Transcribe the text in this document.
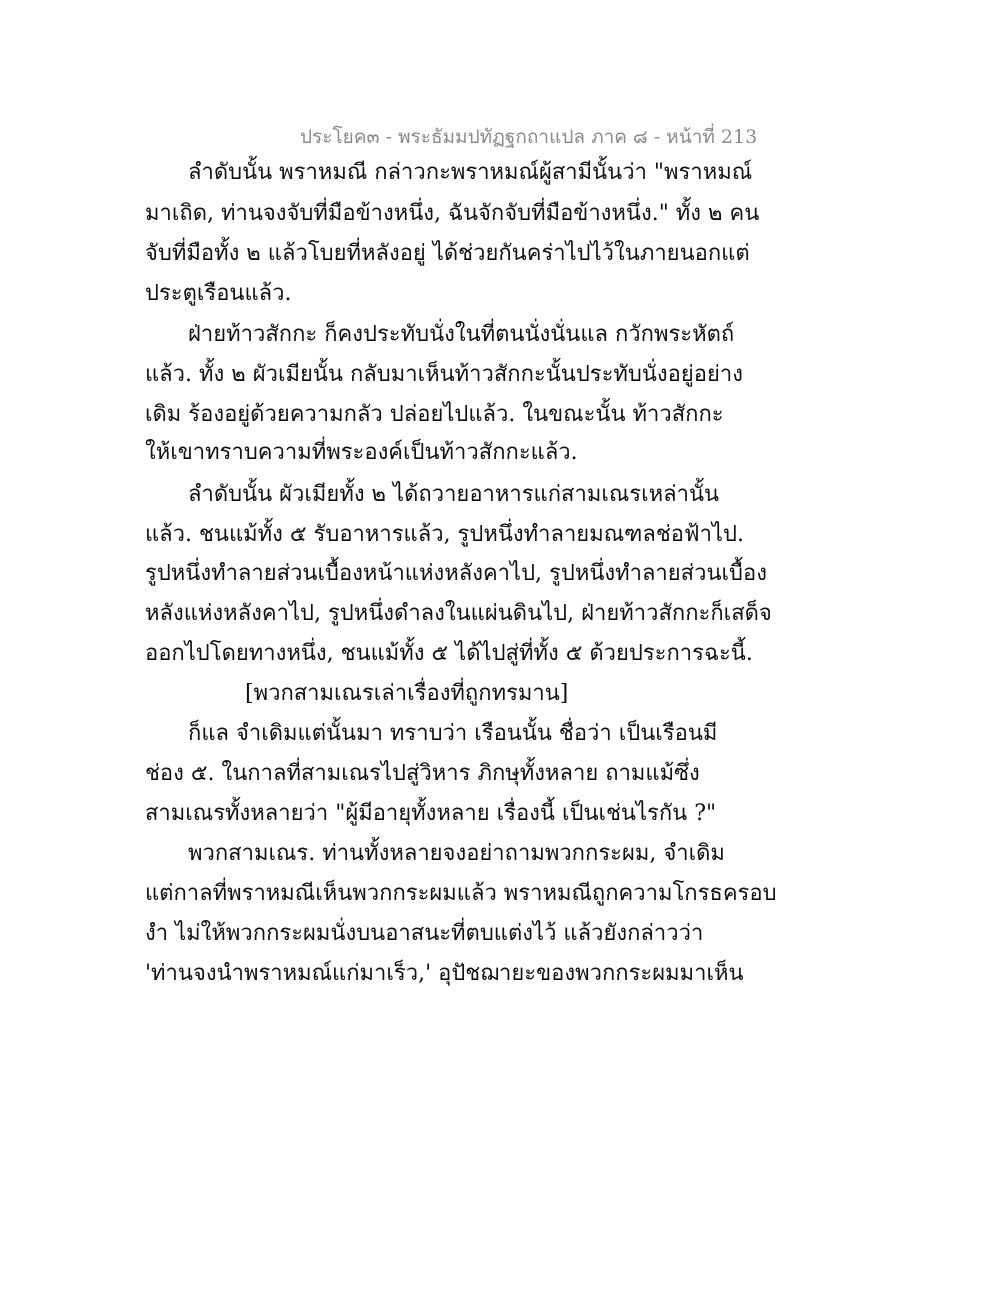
ประโยค๓ - พระธัมมปทัฏฐกถาแปล ภาค ๘ - หน้าที่ 213
ลำดับนั้น พราหมณี กล่าวกะพราหมณ์ผู้สามีนั้นว่า "พราหมณ์
มาเถิด, ท่านจงจับที่มือข้างหนึ่ง, ฉันจักจับที่มือข้างหนึ่ง." ทั้ง ๒ คน
จับที่มือทั้ง ๒ แล้วโบยที่หลังอยู่ ได้ช่วยกันคร่าไปไว้ในภายนอกแต่
ประตูเรือนแล้ว.
ฝ่ายท้าวสักกะ ก็คงประทับนั่งในที่ตนนั่งนั่นแล กวักพระหัตถ์
แล้ว. ทั้ง ๒ ผัวเมียนั้น กลับมาเห็นท้าวสักกะนั้นประทับนั่งอยู่อย่าง
เดิม ร้องอยู่ด้วยความกลัว ปล่อยไปแล้ว. ในขณะนั้น ท้าวสักกะ
ให้เขาทราบความที่พระองค์เป็นท้าวสักกะแล้ว.
ลำดับนั้น ผัวเมียทั้ง ๒ ได้ถวายอาหารแก่สามเณรเหล่านั้น
แล้ว. ชนแม้ทั้ง ๕ รับอาหารแล้ว, รูปหนึ่งทำลายมณฑลช่อฟ้าไป.
รูปหนึ่งทำลายส่วนเบื้องหน้าแห่งหลังคาไป, รูปหนึ่งทำลายส่วนเบื้อง
หลังแห่งหลังคาไป, รูปหนึ่งดำลงในแผ่นดินไป, ฝ่ายท้าวสักกะก็เสด็จ
ออกไปโดยทางหนึ่ง, ชนแม้ทั้ง ๕ ได้ไปสู่ที่ทั้ง ๕ ด้วยประการฉะนี้.
[พวกสามเณรเล่าเรื่องที่ถูกทรมาน]
ก็แล จำเดิมแต่นั้นมา ทราบว่า เรือนนั้น ชื่อว่า เป็นเรือนมี
ช่อง ๕. ในกาลที่สามเณรไปสู่วิหาร ภิกษุทั้งหลาย ถามแม้ซึ่ง
สามเณรทั้งหลายว่า "ผู้มีอายุทั้งหลาย เรื่องนี้ เป็นเช่นไรกัน ?"
พวกสามเณร. ท่านทั้งหลายจงอย่าถามพวกกระผม, จำเดิม
แต่กาลที่พราหมณีเห็นพวกกระผมแล้ว พราหมณีถูกความโกรธครอบ
งำ ไม่ให้พวกกระผมนั่งบนอาสนะที่ตบแต่งไว้ แล้วยังกล่าวว่า
'ท่านจงนำพราหมณ์แก่มาเร็ว,' อุปัชฌายะของพวกกระผมมาเห็น
